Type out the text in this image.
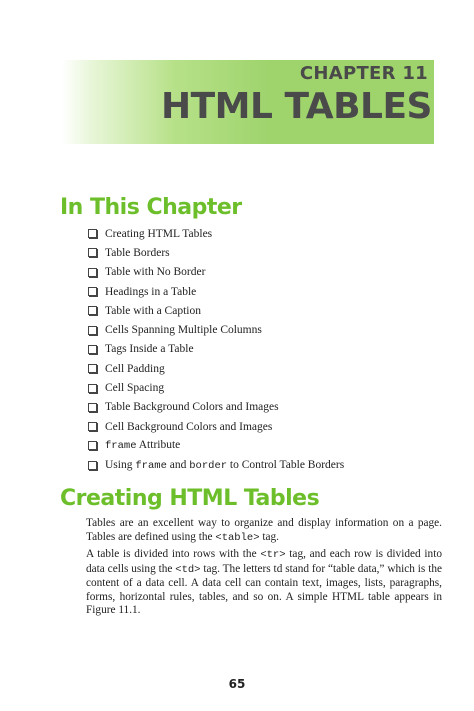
CHAPTER 11

HTML TABLES
In This Chapter
Creating HTML Tables
Table Borders
Table with No Border
Headings in a Table
Table with a Caption
Cells Spanning Multiple Columns
Tags Inside a Table
Cell Padding
Cell Spacing
Table Background Colors and Images
Cell Background Colors and Images
frame Attribute
Using frame and border to Control Table Borders
Creating HTML Tables

Tables are an excellent way to organize and display information on a page. Tables are defined using the <table> tag.

A table is divided into rows with the <tr> tag, and each row is divided into data cells using the <td> tag. The letters td stand for “table data,” which is the content of a data cell. A data cell can contain text, images, lists, paragraphs, forms, horizontal rules, tables, and so on. A simple HTML table appears in Figure 11.1.

65
